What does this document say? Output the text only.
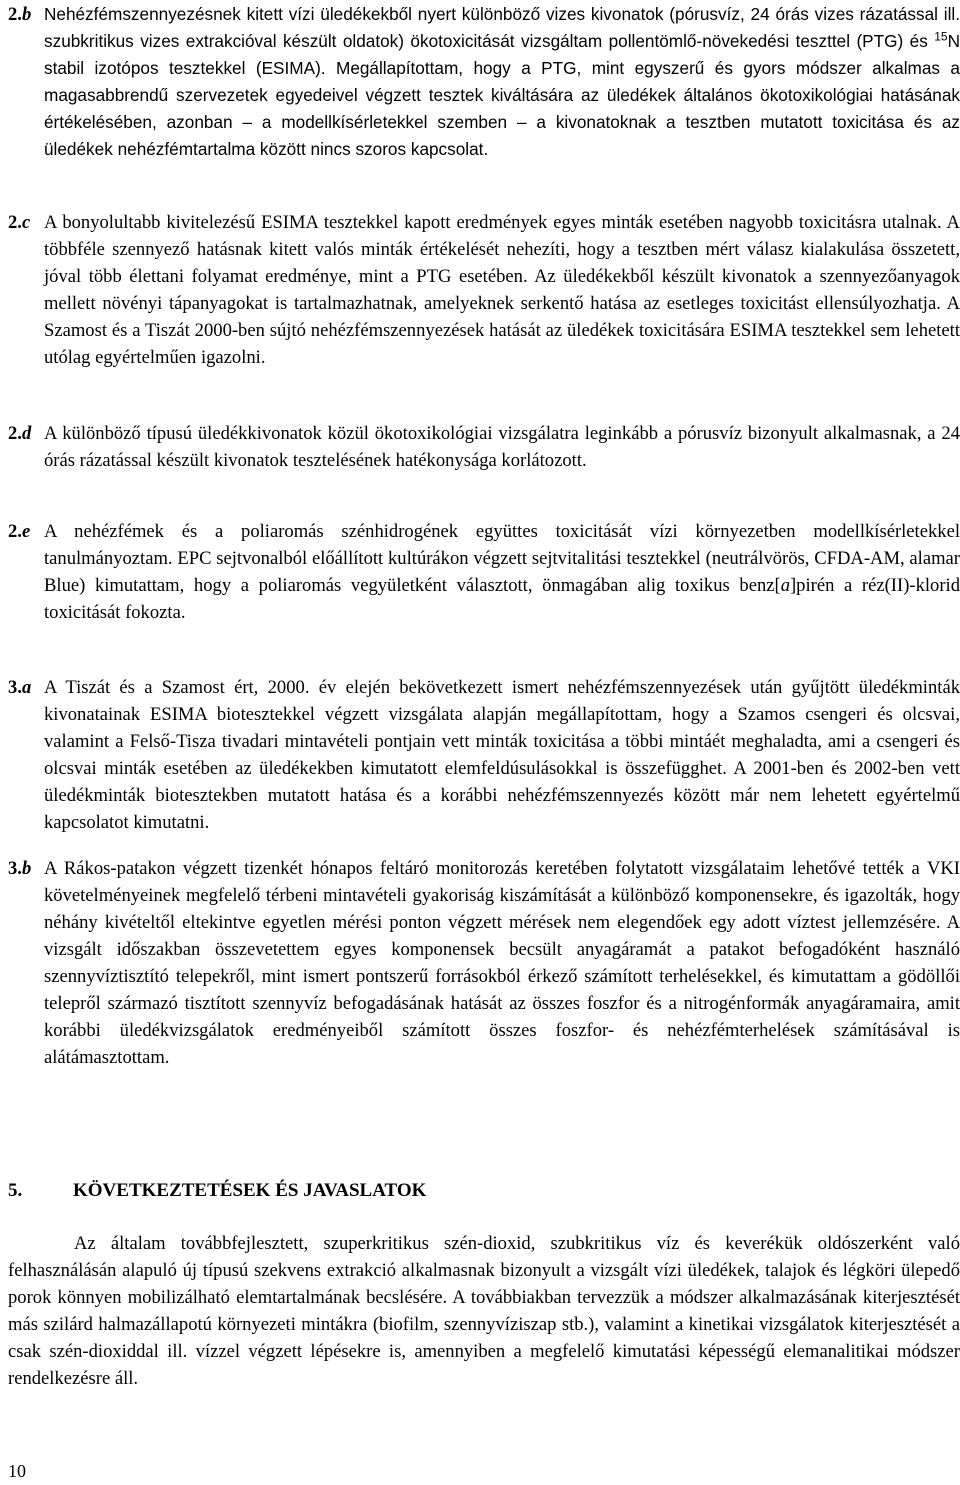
2.b Nehézfémszennyezésnek kitett vízi üledékekből nyert különböző vizes kivonatok (pórusvíz, 24 órás vizes rázatással ill. szubkritikus vizes extrakcióval készült oldatok) ökotoxicitását vizsgáltam pollentömlő-növekedési teszttel (PTG) és $^{15}$N stabil izotópos tesztekkel (ESIMA). Megállapítottam, hogy a PTG, mint egyszerű és gyors módszer alkalmas a magasabbrendű szervezetek egyedeivel végzett tesztek kiváltására az üledékek általános ökotoxikológiai hatásának értékelésében, azonban – a modellkísérletekkel szemben – a kivonatoknak a tesztben mutatott toxicitása és az üledékek nehézfémtartalma között nincs szoros kapcsolat.
2.c A bonyolultabb kivitelezésű ESIMA tesztekkel kapott eredmények egyes minták esetében nagyobb toxicitásra utalnak. A többféle szennyező hatásnak kitett valós minták értékelését nehezíti, hogy a tesztben mért válasz kialakulása összetett, jóval több élettani folyamat eredménye, mint a PTG esetében. Az üledékekből készült kivonatok a szennyezőanyagok mellett növényi tápanyagokat is tartalmazhatnak, amelyeknek serkentő hatása az esetleges toxicitást ellensúlyozhatja. A Szamost és a Tiszát 2000-ben sújtó nehézfémszennyezések hatását az üledékek toxicitására ESIMA tesztekkel sem lehetett utólag egyértelműen igazolni.
2.d A különböző típusú üledékkivonatok közül ökotoxikológiai vizsgálatra leginkább a pórusvíz bizonyult alkalmasnak, a 24 órás rázatással készült kivonatok tesztelésének hatékonysága korlátozott.
2.e A nehézfémek és a poliaromás szénhidrogének együttes toxicitását vízi környezetben modellkísérletekkel tanulmányoztam. EPC sejtvonalból előállított kultúrákon végzett sejtvitalitási tesztekkel (neutrálvörös, CFDA-AM, alamar Blue) kimutattam, hogy a poliaromás vegyületként választott, önmagában alig toxikus benz[a]pirén a réz(II)-klorid toxicitását fokozta.
3.a A Tiszát és a Szamost ért, 2000. év elején bekövetkezett ismert nehézfémszennyezések után gyűjtött üledékminták kivonatainak ESIMA biotesztekkel végzett vizsgálata alapján megállapítottam, hogy a Szamos csengeri és olcsvai, valamint a Felső-Tisza tivadari mintavételi pontjain vett minták toxicitása a többi mintáét meghaladta, ami a csengeri és olcsvai minták esetében az üledékekben kimutatott elemfeldúsulásokkal is összefügghet. A 2001-ben és 2002-ben vett üledékminták biotesztekben mutatott hatása és a korábbi nehézfémszennyezés között már nem lehetett egyértelmű kapcsolatot kimutatni.
3.b A Rákos-patakon végzett tizenkét hónapos feltáró monitorozás keretében folytatott vizsgálataim lehetővé tették a VKI követelményeinek megfelelő térbeni mintavételi gyakoriság kiszámítását a különböző komponensekre, és igazolták, hogy néhány kivételtől eltekintve egyetlen mérési ponton végzett mérések nem elegendőek egy adott víztest jellemzésére. A vizsgált időszakban összevetettem egyes komponensek becsült anyagáramát a patakot befogadóként használó szennyvíztisztító telepekről, mint ismert pontszerű forrásokból érkező számított terhelésekkel, és kimutattam a gödöllői telepről származó tisztított szennyvíz befogadásának hatását az összes foszfor és a nitrogénformák anyagáramaira, amit korábbi üledékvizsgálatok eredményeiből számított összes foszfor- és nehézfémterhelések számításával is alátámasztottam.
5.	KÖVETKEZTETÉSEK ÉS JAVASLATOK
Az általam továbbfejlesztett, szuperkritikus szén-dioxid, szubkritikus víz és keverékük oldószerként való felhasználásán alapuló új típusú szekvens extrakció alkalmasnak bizonyult a vizsgált vízi üledékek, talajok és légköri ülepedő porok könnyen mobilizálható elemtartalmának becslésére. A továbbiakban tervezzük a módszer alkalmazásának kiterjesztését más szilárd halmazállapotú környezeti mintákra (biofilm, szennyvíziszap stb.), valamint a kinetikai vizsgálatok kiterjesztését a csak szén-dioxiddal ill. vízzel végzett lépésekre is, amennyiben a megfelelő kimutatási képességű elemanalitikai módszer rendelkezésre áll.
10
